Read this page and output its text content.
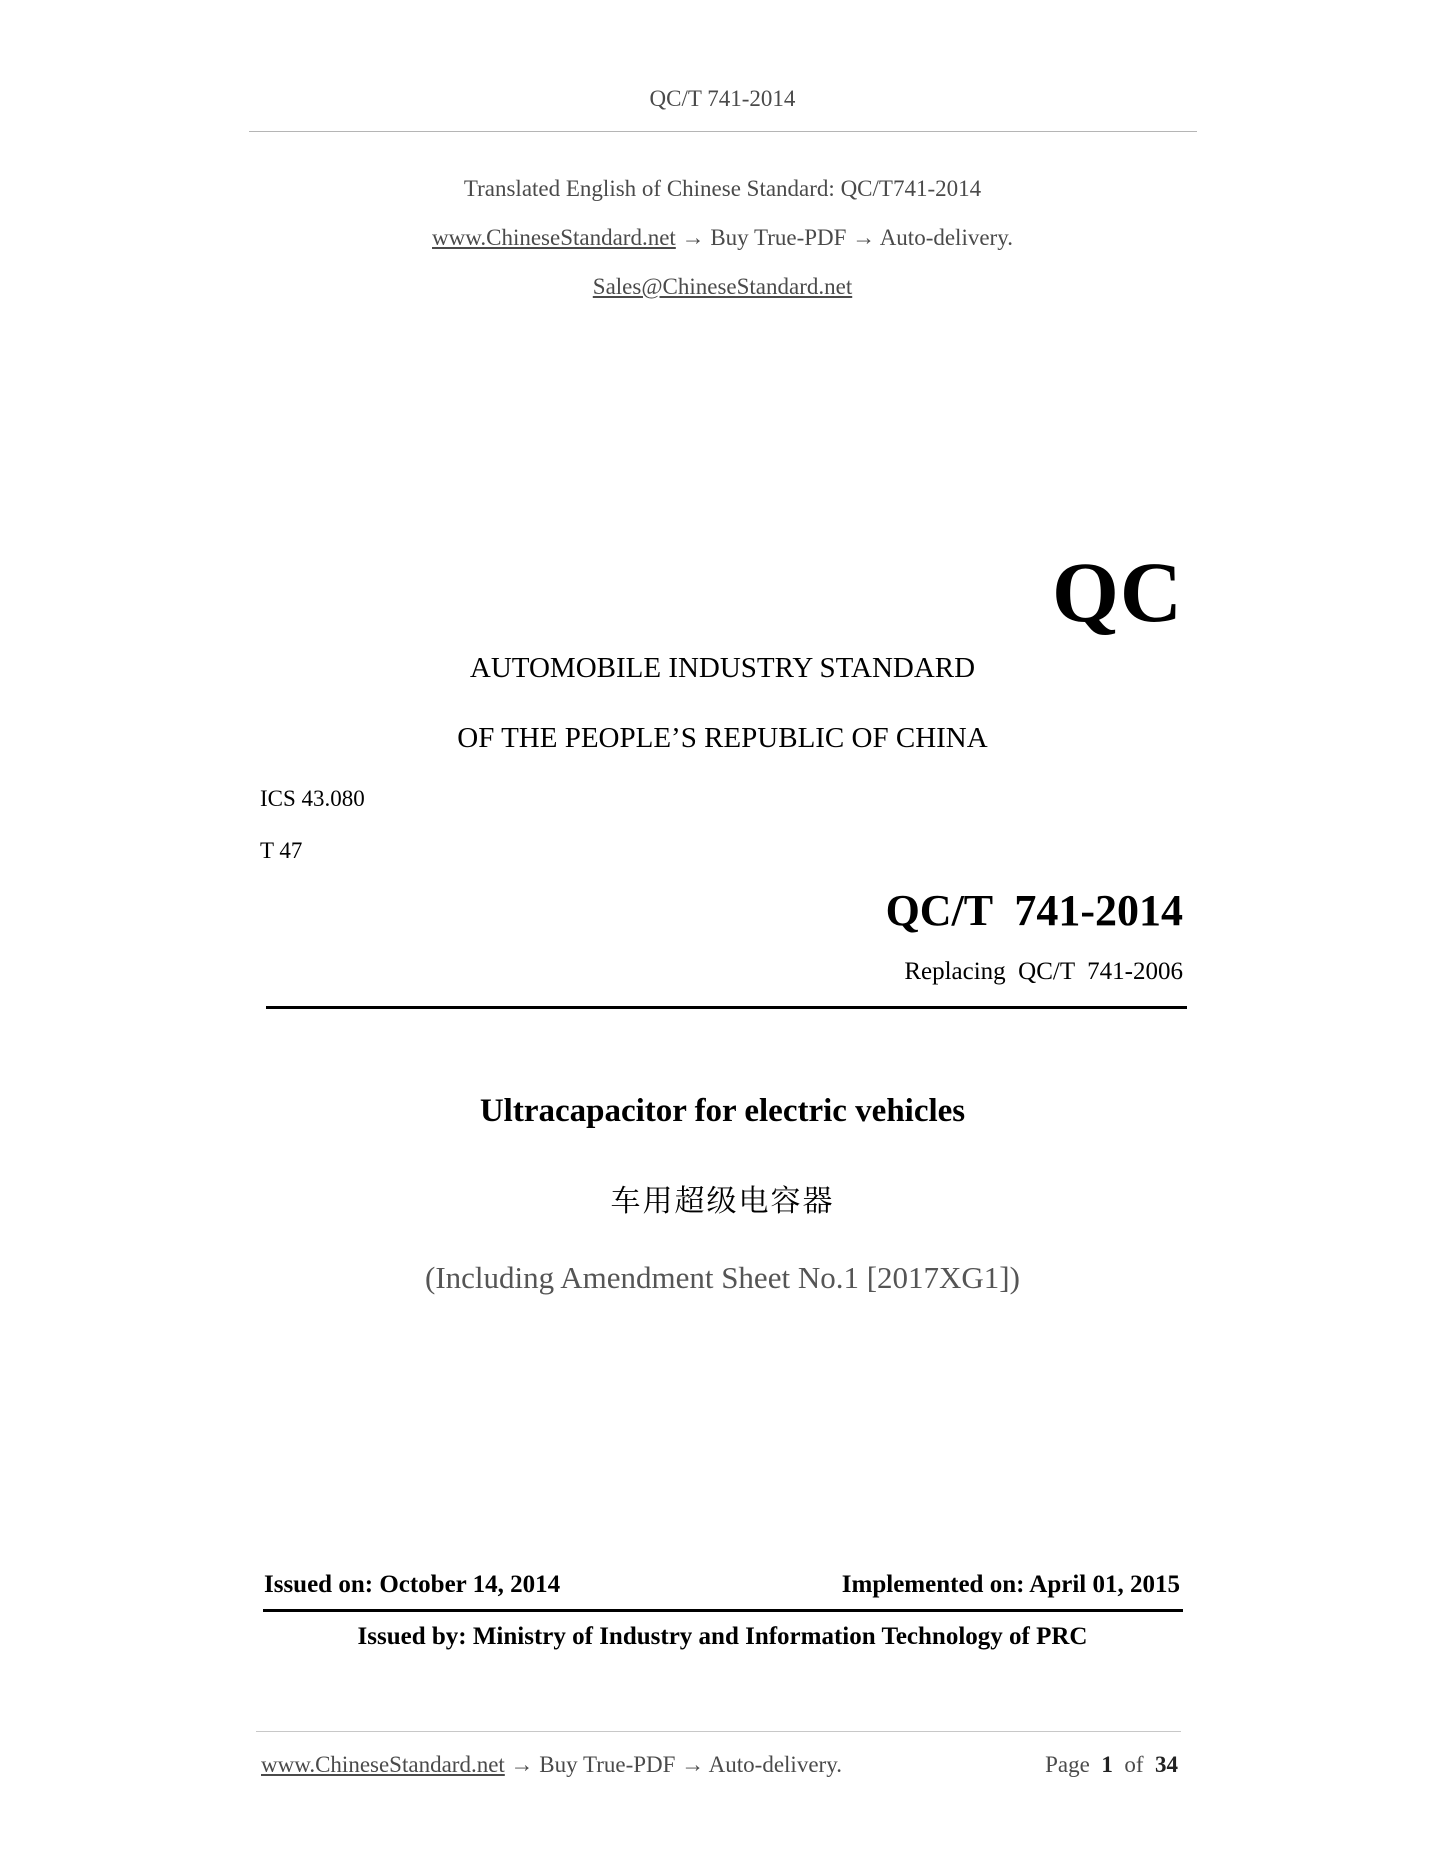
QC/T 741-2014
Translated English of Chinese Standard: QC/T741-2014
www.ChineseStandard.net → Buy True-PDF → Auto-delivery.
Sales@ChineseStandard.net
QC
AUTOMOBILE INDUSTRY STANDARD
OF THE PEOPLE’S REPUBLIC OF CHINA
ICS 43.080
T 47
QC/T  741-2014
Replacing  QC/T  741-2006
Ultracapacitor for electric vehicles
车用超级电容器
(Including Amendment Sheet No.1 [2017XG1])
Issued on: October 14, 2014	Implemented on: April 01, 2015
Issued by: Ministry of Industry and Information Technology of PRC
www.ChineseStandard.net → Buy True-PDF → Auto-delivery.	Page 1 of 34
